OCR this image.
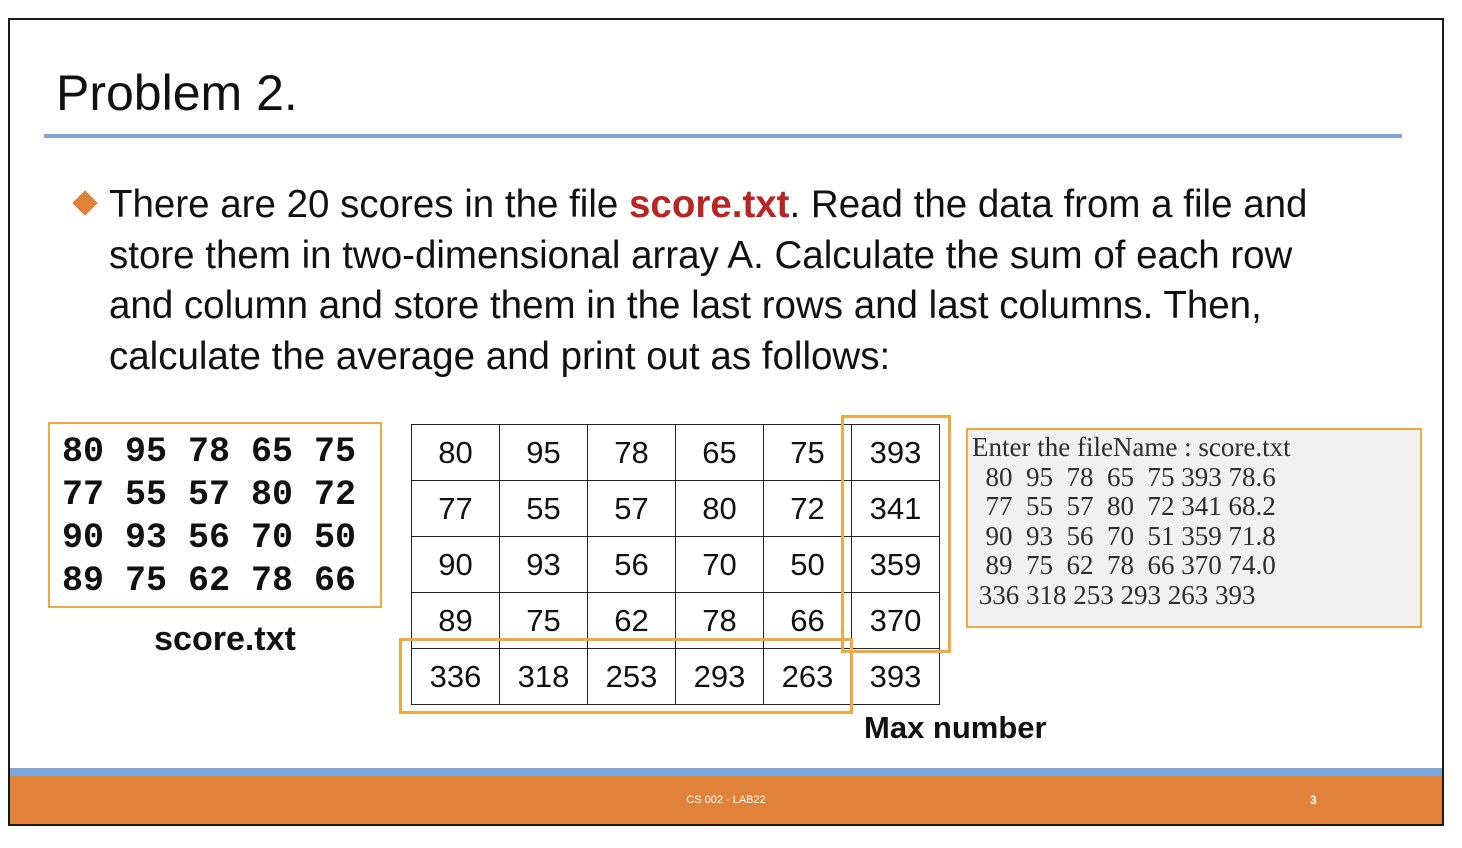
Problem 2.
There are 20 scores in the file score.txt. Read the data from a file and store them in two-dimensional array A. Calculate the sum of each row and column and store them in the last rows and last columns. Then, calculate the average and print out as follows:
80 95 78 65 75
77 55 57 80 72
90 93 56 70 50
89 75 62 78 66
score.txt
80	95	78	65	75	393
77	55	57	80	72	341
90	93	56	70	50	359
89	75	62	78	66	370
336	318	253	293	263	393
Max number
Enter the fileName : score.txt
80  95  78  65  75 393 78.6
77  55  57  80  72 341 68.2
90  93  56  70  51 359 71.8
89  75  62  78  66 370 74.0
336 318 253 293 263 393
CS 002 - LAB22	3
